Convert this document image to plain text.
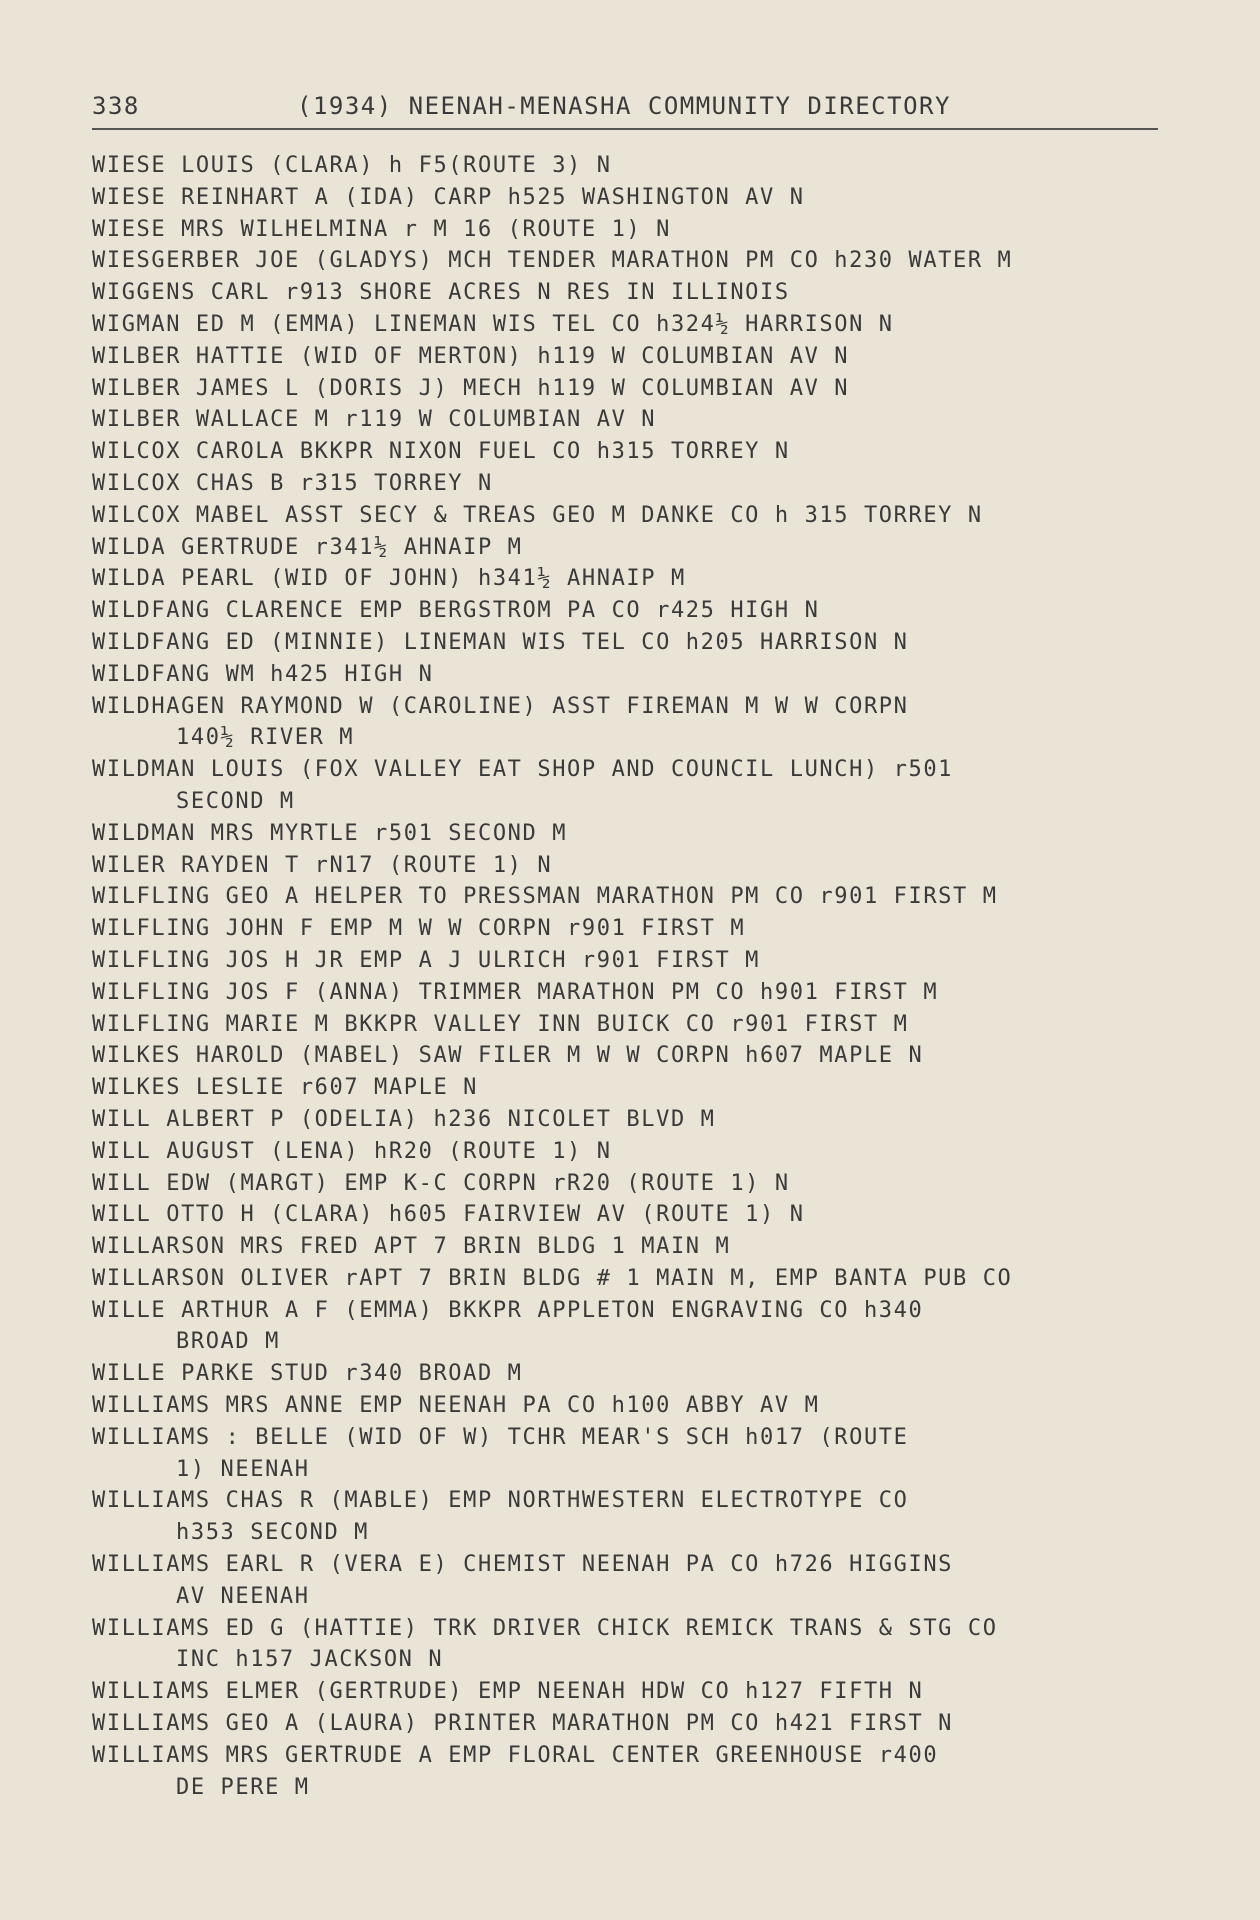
338	(1934) NEENAH-MENASHA COMMUNITY DIRECTORY
WIESE LOUIS (CLARA) h F5(ROUTE 3) N
WIESE REINHART A (IDA) CARP h525 WASHINGTON AV N
WIESE MRS WILHELMINA r M 16 (ROUTE 1) N
WIESGERBER JOE (GLADYS) MCH TENDER MARATHON PM CO h230 WATER M
WIGGENS CARL r913 SHORE ACRES N RES IN ILLINOIS
WIGMAN ED M (EMMA) LINEMAN WIS TEL CO h324½ HARRISON N
WILBER HATTIE (WID OF MERTON) h119 W COLUMBIAN AV N
WILBER JAMES L (DORIS J) MECH h119 W COLUMBIAN AV N
WILBER WALLACE M r119 W COLUMBIAN AV N
WILCOX CAROLA BKKPR NIXON FUEL CO h315 TORREY N
WILCOX CHAS B r315 TORREY N
WILCOX MABEL ASST SECY & TREAS GEO M DANKE CO h 315 TORREY N
WILDA GERTRUDE r341½ AHNAIP M
WILDA PEARL (WID OF JOHN) h341½ AHNAIP M
WILDFANG CLARENCE EMP BERGSTROM PA CO r425 HIGH N
WILDFANG ED (MINNIE) LINEMAN WIS TEL CO h205 HARRISON N
WILDFANG WM h425 HIGH N
WILDHAGEN RAYMOND W (CAROLINE) ASST FIREMAN M W W CORPN
140½ RIVER M
WILDMAN LOUIS (FOX VALLEY EAT SHOP AND COUNCIL LUNCH) r501
SECOND M
WILDMAN MRS MYRTLE r501 SECOND M
WILER RAYDEN T rN17 (ROUTE 1) N
WILFLING GEO A HELPER TO PRESSMAN MARATHON PM CO r901 FIRST M
WILFLING JOHN F EMP M W W CORPN r901 FIRST M
WILFLING JOS H JR EMP A J ULRICH r901 FIRST M
WILFLING JOS F (ANNA) TRIMMER MARATHON PM CO h901 FIRST M
WILFLING MARIE M BKKPR VALLEY INN BUICK CO r901 FIRST M
WILKES HAROLD (MABEL) SAW FILER M W W CORPN h607 MAPLE N
WILKES LESLIE r607 MAPLE N
WILL ALBERT P (ODELIA) h236 NICOLET BLVD M
WILL AUGUST (LENA) hR20 (ROUTE 1) N
WILL EDW (MARGT) EMP K-C CORPN rR20 (ROUTE 1) N
WILL OTTO H (CLARA) h605 FAIRVIEW AV (ROUTE 1) N
WILLARSON MRS FRED APT 7 BRIN BLDG 1 MAIN M
WILLARSON OLIVER rAPT 7 BRIN BLDG # 1 MAIN M, EMP BANTA PUB CO
WILLE ARTHUR A F (EMMA) BKKPR APPLETON ENGRAVING CO h340
BROAD M
WILLE PARKE STUD r340 BROAD M
WILLIAMS MRS ANNE EMP NEENAH PA CO h100 ABBY AV M
WILLIAMS : BELLE (WID OF W) TCHR MEAR'S SCH h017 (ROUTE
1) NEENAH
WILLIAMS CHAS R (MABLE) EMP NORTHWESTERN ELECTROTYPE CO
h353 SECOND M
WILLIAMS EARL R (VERA E) CHEMIST NEENAH PA CO h726 HIGGINS
AV NEENAH
WILLIAMS ED G (HATTIE) TRK DRIVER CHICK REMICK TRANS & STG CO
INC h157 JACKSON N
WILLIAMS ELMER (GERTRUDE) EMP NEENAH HDW CO h127 FIFTH N
WILLIAMS GEO A (LAURA) PRINTER MARATHON PM CO h421 FIRST N
WILLIAMS MRS GERTRUDE A EMP FLORAL CENTER GREENHOUSE r400
DE PERE M
